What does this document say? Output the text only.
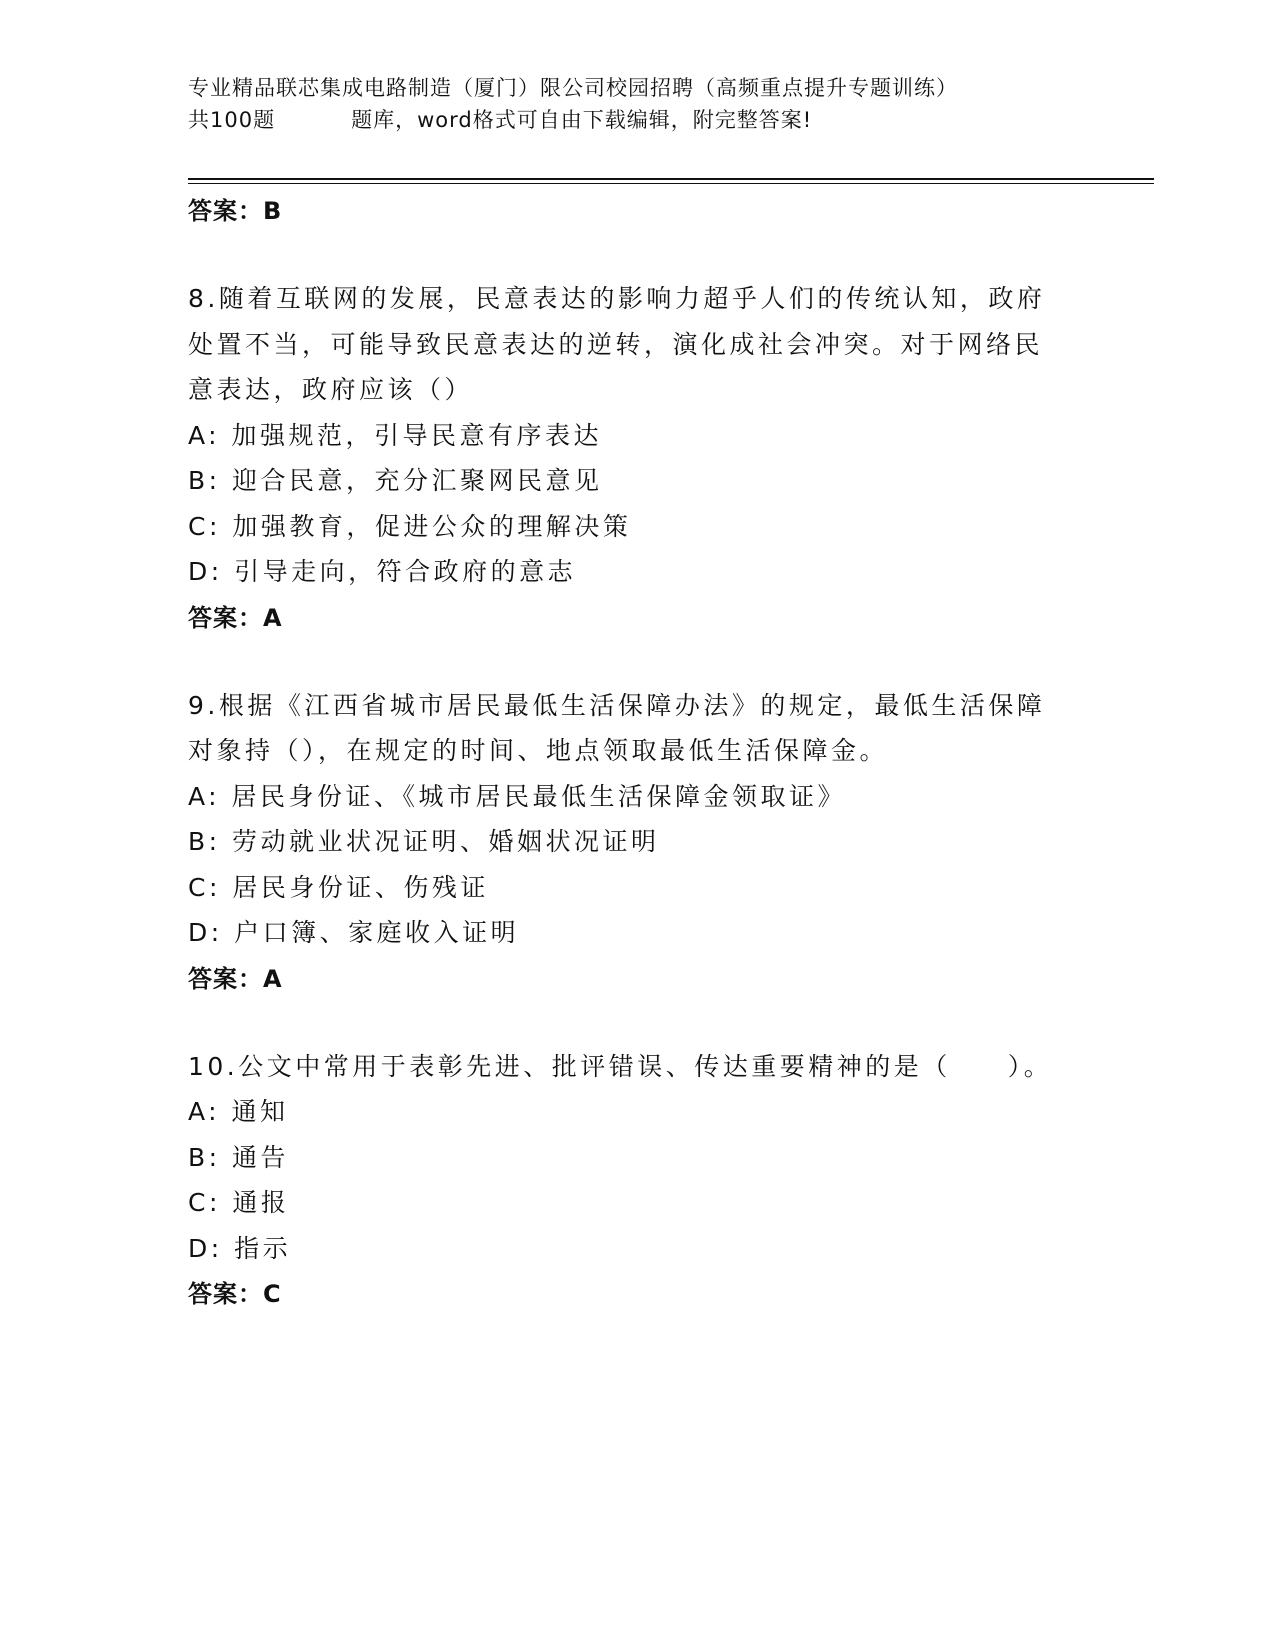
专业精品联芯集成电路制造（厦门）限公司校园招聘（高频重点提升专题训练）
共100题	题库，word格式可自由下载编辑，附完整答案!
答案：B
8.随着互联网的发展，民意表达的影响力超乎人们的传统认知，政府
处置不当，可能导致民意表达的逆转，演化成社会冲突。对于网络民
意表达，政府应该（）
A: 加强规范，引导民意有序表达
B: 迎合民意，充分汇聚网民意见
C: 加强教育，促进公众的理解决策
D: 引导走向，符合政府的意志
答案：A
9.根据《江西省城市居民最低生活保障办法》的规定，最低生活保障
对象持（），在规定的时间、地点领取最低生活保障金。
A: 居民身份证、《城市居民最低生活保障金领取证》
B: 劳动就业状况证明、婚姻状况证明
C: 居民身份证、伤残证
D: 户口簿、家庭收入证明
答案：A
10.公文中常用于表彰先进、批评错误、传达重要精神的是（　　）。
A: 通知
B: 通告
C: 通报
D: 指示
答案：C
